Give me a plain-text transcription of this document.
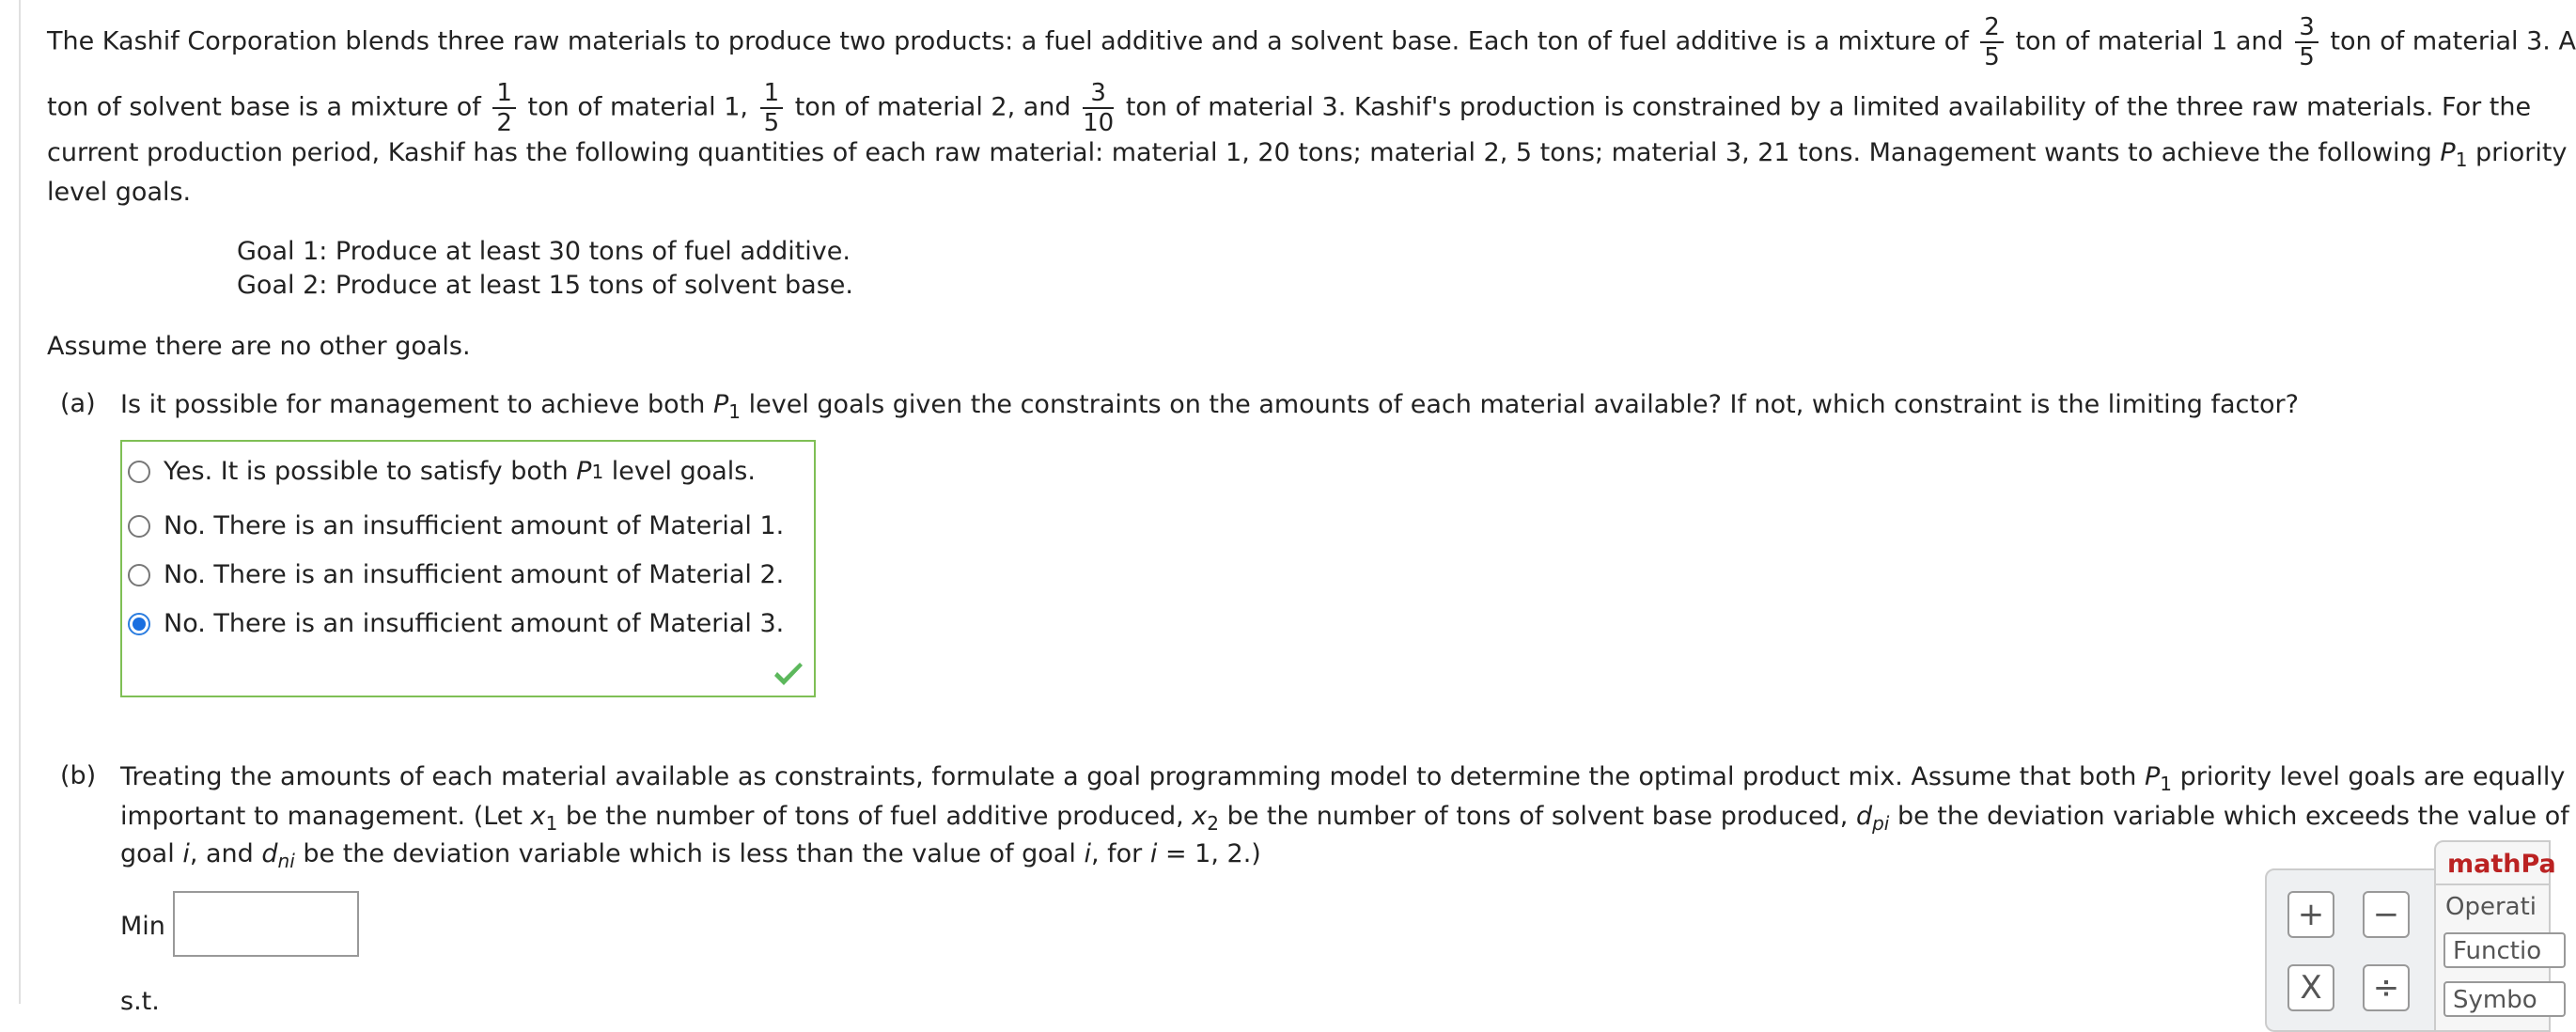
The Kashif Corporation blends three raw materials to produce two products: a fuel additive and a solvent base. Each ton of fuel additive is a mixture of $\frac{2}{5}$ ton of material 1 and $\frac{3}{5}$ ton of material 3. A
ton of solvent base is a mixture of $\frac{1}{2}$ ton of material 1, $\frac{1}{5}$ ton of material 2, and $\frac{3}{10}$ ton of material 3. Kashif's production is constrained by a limited availability of the three raw materials. For the
current production period, Kashif has the following quantities of each raw material: material 1, 20 tons; material 2, 5 tons; material 3, 21 tons. Management wants to achieve the following $P_1$ priority
level goals.
Goal 1: Produce at least 30 tons of fuel additive.
Goal 2: Produce at least 15 tons of solvent base.
Assume there are no other goals.
(a) Is it possible for management to achieve both $P_1$ level goals given the constraints on the amounts of each material available? If not, which constraint is the limiting factor?
Yes. It is possible to satisfy both
P 1
level goals.
No. There is an insufficient amount of Material 1.
No. There is an insufficient amount of Material 2.
No. There is an insufficient amount of Material 3.
(b) Treating the amounts of each material available as constraints, formulate a goal programming model to determine the optimal product mix. Assume that both $P_1$ priority level goals are equally
important to management. (Let $x_1$ be the number of tons of fuel additive produced, $x_2$ be the number of tons of solvent base produced, $d_{pi}$ be the deviation variable which exceeds the value of
goal i, and $d_{ni}$ be the deviation variable which is less than the value of goal i, for i = 1, 2.)
Min
s.t.
+	−
X	÷
mathPa
Operati
Functio
Symbo
